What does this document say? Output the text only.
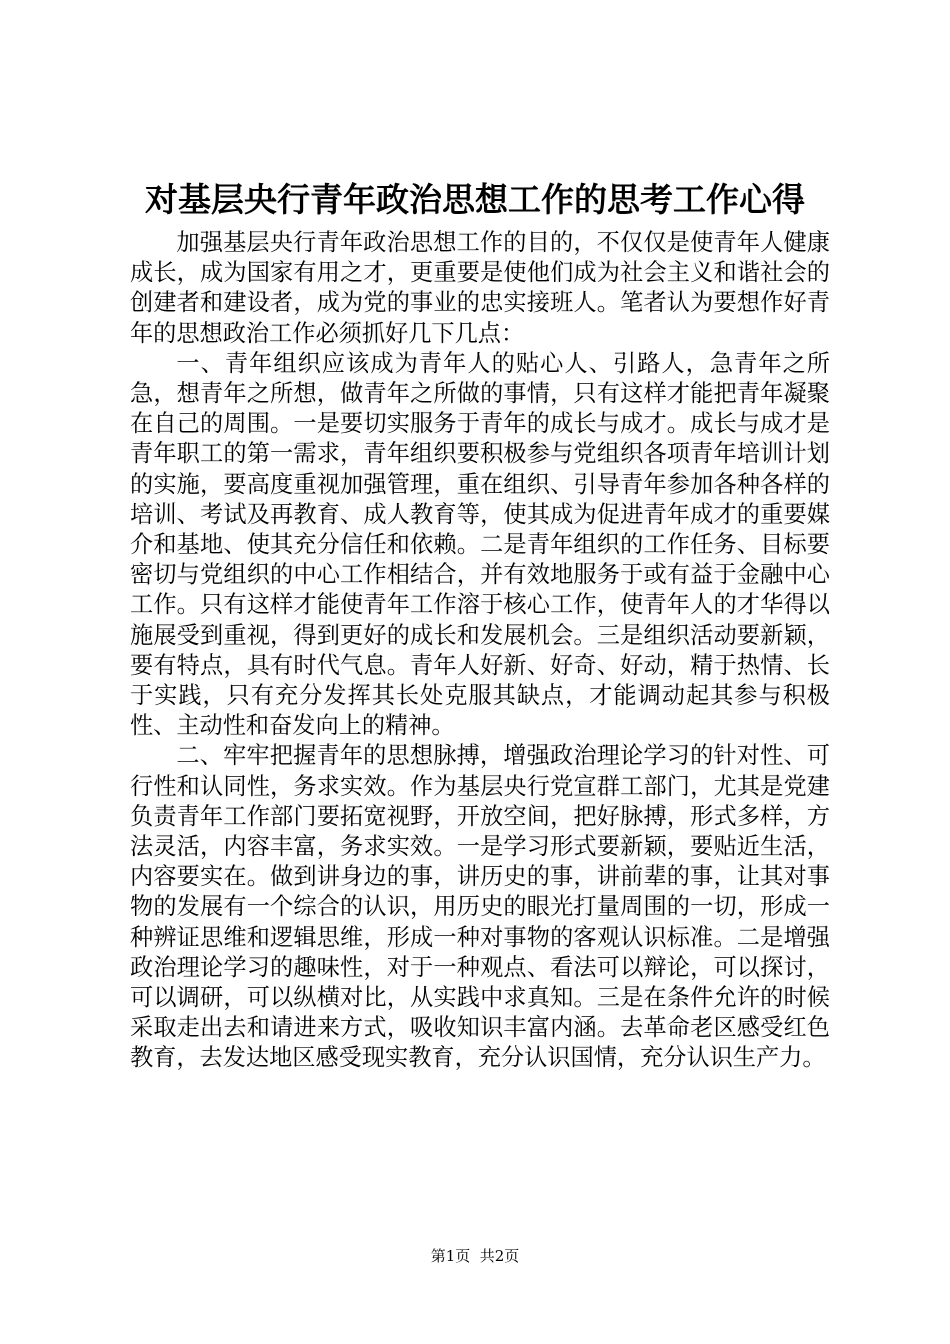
对基层央行青年政治思想工作的思考工作心得

加强基层央行青年政治思想工作的目的，不仅仅是使青年人健康成长，成为国家有用之才，更重要是使他们成为社会主义和谐社会的创建者和建设者，成为党的事业的忠实接班人。笔者认为要想作好青年的思想政治工作必须抓好几下几点：

一、青年组织应该成为青年人的贴心人、引路人，急青年之所急，想青年之所想，做青年之所做的事情，只有这样才能把青年凝聚在自己的周围。一是要切实服务于青年的成长与成才。成长与成才是青年职工的第一需求，青年组织要积极参与党组织各项青年培训计划的实施，要高度重视加强管理，重在组织、引导青年参加各种各样的培训、考试及再教育、成人教育等，使其成为促进青年成才的重要媒介和基地、使其充分信任和依赖。二是青年组织的工作任务、目标要密切与党组织的中心工作相结合，并有效地服务于或有益于金融中心工作。只有这样才能使青年工作溶于核心工作，使青年人的才华得以施展受到重视，得到更好的成长和发展机会。三是组织活动要新颖，要有特点，具有时代气息。青年人好新、好奇、好动，精于热情、长于实践，只有充分发挥其长处克服其缺点，才能调动起其参与积极性、主动性和奋发向上的精神。

二、牢牢把握青年的思想脉搏，增强政治理论学习的针对性、可行性和认同性，务求实效。作为基层央行党宣群工部门，尤其是党建负责青年工作部门要拓宽视野，开放空间，把好脉搏，形式多样，方法灵活，内容丰富，务求实效。一是学习形式要新颖，要贴近生活，内容要实在。做到讲身边的事，讲历史的事，讲前辈的事，让其对事物的发展有一个综合的认识，用历史的眼光打量周围的一切，形成一种辨证思维和逻辑思维，形成一种对事物的客观认识标准。二是增强政治理论学习的趣味性，对于一种观点、看法可以辩论，可以探讨，可以调研，可以纵横对比，从实践中求真知。三是在条件允许的时候采取走出去和请进来方式，吸收知识丰富内涵。去革命老区感受红色教育，去发达地区感受现实教育，充分认识国情，充分认识生产力。

第1页  共2页
